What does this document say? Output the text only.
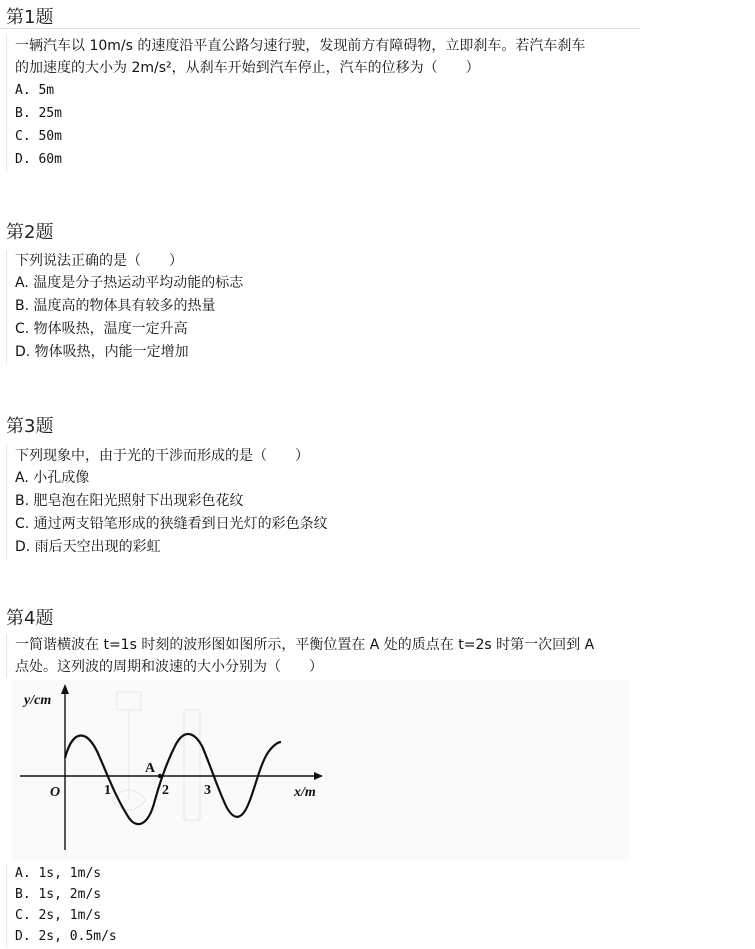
第1题
一辆汽车以 10m/s 的速度沿平直公路匀速行驶，发现前方有障碍物，立即刹车。若汽车刹车
的加速度的大小为 2m/s²，从刹车开始到汽车停止，汽车的位移为（　　）
A. 5m
B. 25m
C. 50m
D. 60m
第2题
下列说法正确的是（　　）
A. 温度是分子热运动平均动能的标志
B. 温度高的物体具有较多的热量
C. 物体吸热，温度一定升高
D. 物体吸热，内能一定增加
第3题
下列现象中，由于光的干涉而形成的是（　　）
A. 小孔成像
B. 肥皂泡在阳光照射下出现彩色花纹
C. 通过两支铅笔形成的狭缝看到日光灯的彩色条纹
D. 雨后天空出现的彩虹
第4题
一简谐横波在 t=1s 时刻的波形图如图所示，平衡位置在 A 处的质点在 t=2s 时第一次回到 A
点处。这列波的周期和波速的大小分别为（　　）
y/cm
x/m
O	1	2	3
A
A. 1s, 1m/s
B. 1s, 2m/s
C. 2s, 1m/s
D. 2s, 0.5m/s
